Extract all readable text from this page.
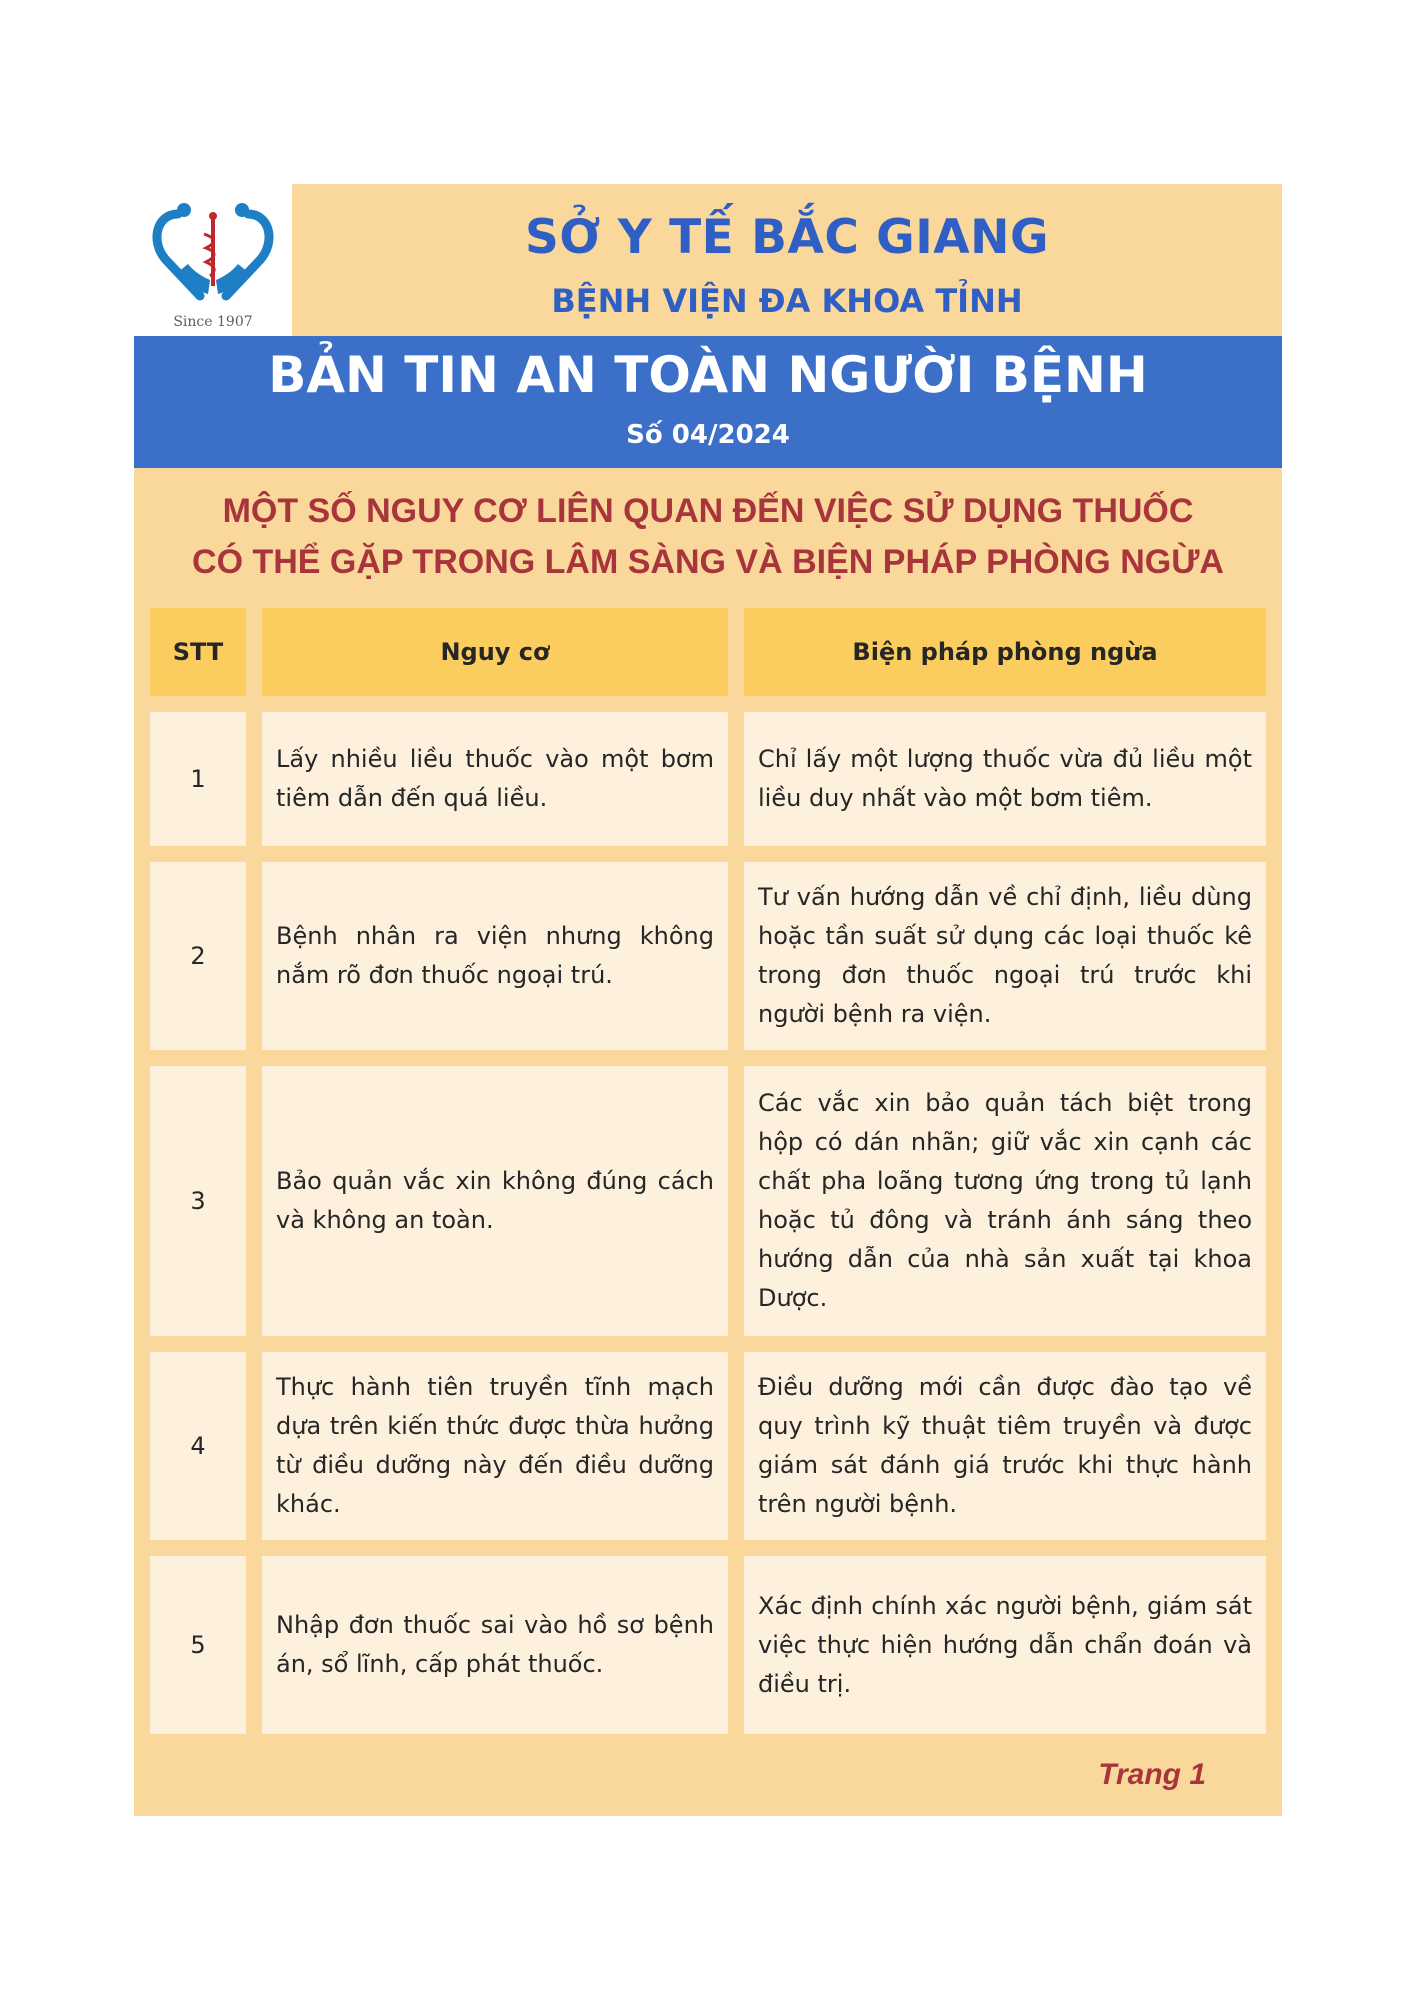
Since 1907
SỞ Y TẾ BẮC GIANG
BỆNH VIỆN ĐA KHOA TỈNH
BẢN TIN AN TOÀN NGƯỜI BỆNH
Số 04/2024
MỘT SỐ NGUY CƠ LIÊN QUAN ĐẾN VIỆC SỬ DỤNG THUỐC
CÓ THỂ GẶP TRONG LÂM SÀNG VÀ BIỆN PHÁP PHÒNG NGỪA
STT	Nguy cơ	Biện pháp phòng ngừa
1
Lấy nhiều liều thuốc vào một bơm tiêm dẫn đến quá liều.
Chỉ lấy một lượng thuốc vừa đủ liều một liều duy nhất vào một bơm tiêm.
2
Bệnh nhân ra viện nhưng không nắm rõ đơn thuốc ngoại trú.
Tư vấn hướng dẫn về chỉ định, liều dùng hoặc tần suất sử dụng các loại thuốc kê trong đơn thuốc ngoại trú trước khi người bệnh ra viện.
3
Bảo quản vắc xin không đúng cách và không an toàn.
Các vắc xin bảo quản tách biệt trong hộp có dán nhãn; giữ vắc xin cạnh các chất pha loãng tương ứng trong tủ lạnh hoặc tủ đông và tránh ánh sáng theo hướng dẫn của nhà sản xuất tại khoa Dược.
4
Thực hành tiên truyền tĩnh mạch dựa trên kiến thức được thừa hưởng từ điều dưỡng này đến điều dưỡng khác.
Điều dưỡng mới cần được đào tạo về quy trình kỹ thuật tiêm truyền và được giám sát đánh giá trước khi thực hành trên người bệnh.
5
Nhập đơn thuốc sai vào hồ sơ bệnh án, sổ lĩnh, cấp phát thuốc.
Xác định chính xác người bệnh, giám sát việc thực hiện hướng dẫn chẩn đoán và điều trị.
Trang 1
